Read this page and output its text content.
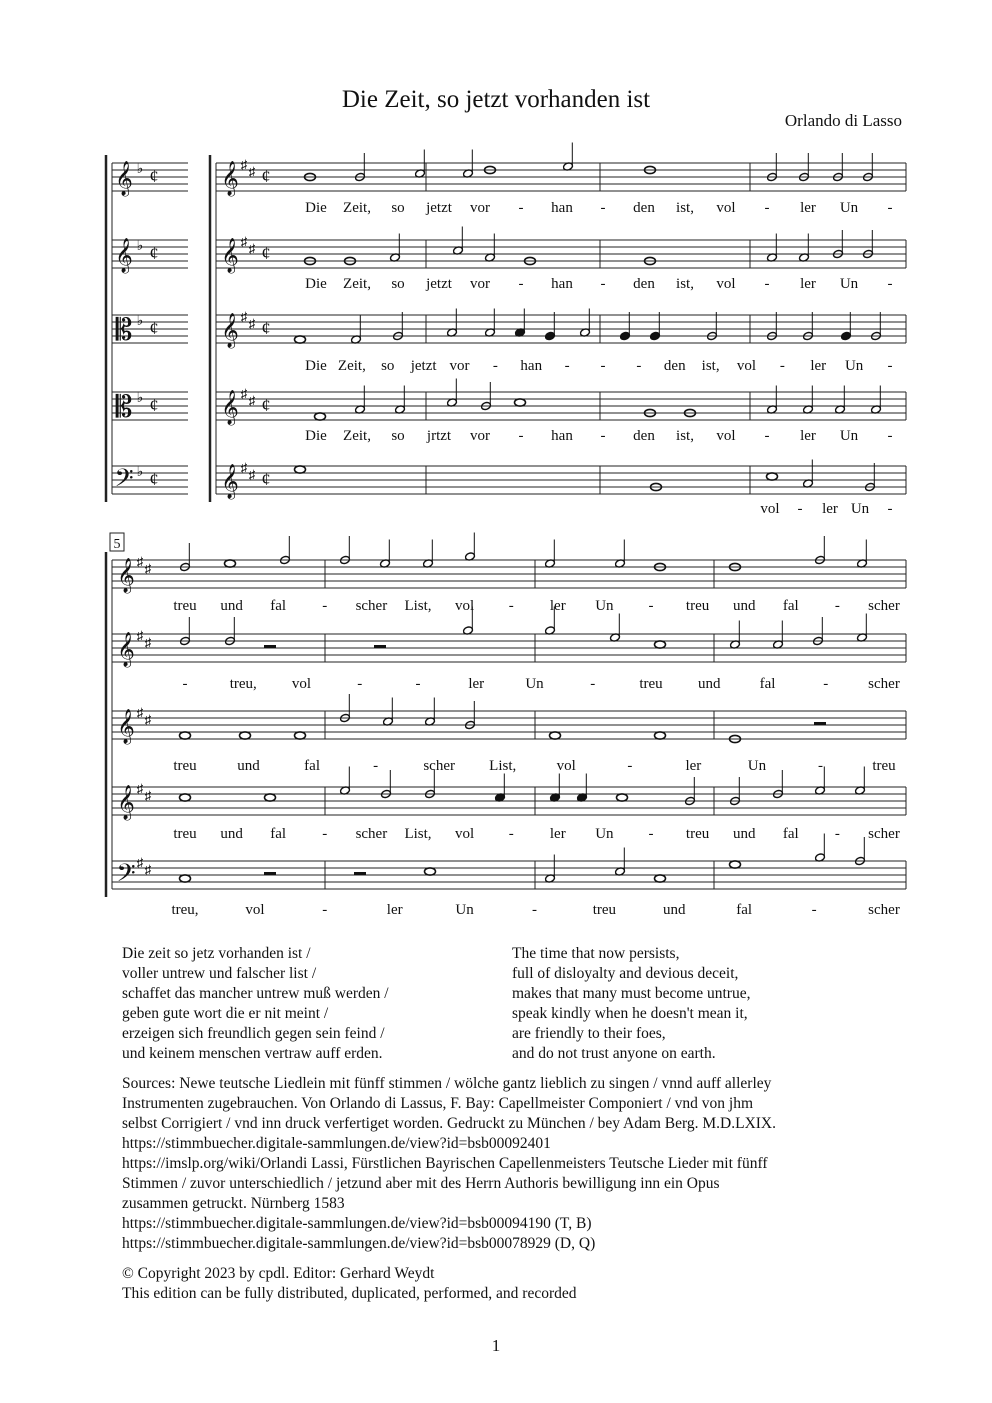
Die Zeit, so jetzt vorhanden ist
Orlando di Lasso
𝄞 ♭ ¢ 𝄞 ♯ ♯ ¢
𝄞 ♭ ¢ 𝄞 ♯ ♯ ¢
𝄡 ♭ ¢ 𝄞 ♯ ♯ ¢
𝄡 ♭ ¢ 𝄞 ♯ ♯ ¢
𝄢 ♭ ¢ 𝄞 ♯ ♯ ¢
Die Zeit, so jetzt vor - han - den ist, vol - ler Un -
Die Zeit, so jetzt vor - han - den ist, vol - ler Un -
Die Zeit, so jetzt vor - han - - - den ist, vol - ler Un -
Die Zeit, so jrtzt vor - han - den ist, vol - ler Un -
vol - ler Un -
5
𝄞 ♯ ♯
𝄞 ♯ ♯
𝄞 ♯ ♯
𝄞 ♯ ♯
𝄢 ♯ ♯
treu und fal - scher List, vol - ler Un - treu und fal - scher
-	treu, vol	-	-	ler	Un	-	treu und	fal	-	scher
treu	und	fal	-	scher List,	vol	-	ler	Un	-	treu
treu und fal - scher List, vol - ler Un - treu und fal - scher
treu,	vol	-	ler	Un	-	treu	und	fal	-	scher
Die zeit so jetz vorhanden ist /
voller untrew und falscher list /
schaffet das mancher untrew muß werden /
geben gute wort die er nit meint /
erzeigen sich freundlich gegen sein feind /
und keinem menschen vertraw auff erden.
The time that now persists,
full of disloyalty and devious deceit,
makes that many must become untrue,
speak kindly when he doesn't mean it,
are friendly to their foes,
and do not trust anyone on earth.
Sources: Newe teutsche Liedlein mit fünff stimmen / wölche gantz lieblich zu singen / vnnd auff allerley
Instrumenten zugebrauchen. Von Orlando di Lassus, F. Bay: Capellmeister Componiert / vnd von jhm
selbst Corrigiert / vnd inn druck verfertiget worden. Gedruckt zu München / bey Adam Berg. M.D.LXIX.
https://stimmbuecher.digitale-sammlungen.de/view?id=bsb00092401
https://imslp.org/wiki/Orlandi Lassi, Fürstlichen Bayrischen Capellenmeisters Teutsche Lieder mit fünff
Stimmen / zuvor unterschiedlich / jetzund aber mit des Herrn Authoris bewilligung inn ein Opus
zusammen getruckt. Nürnberg 1583
https://stimmbuecher.digitale-sammlungen.de/view?id=bsb00094190 (T, B)
https://stimmbuecher.digitale-sammlungen.de/view?id=bsb00078929 (D, Q)
© Copyright 2023 by cpdl. Editor: Gerhard Weydt
This edition can be fully distributed, duplicated, performed, and recorded
1
